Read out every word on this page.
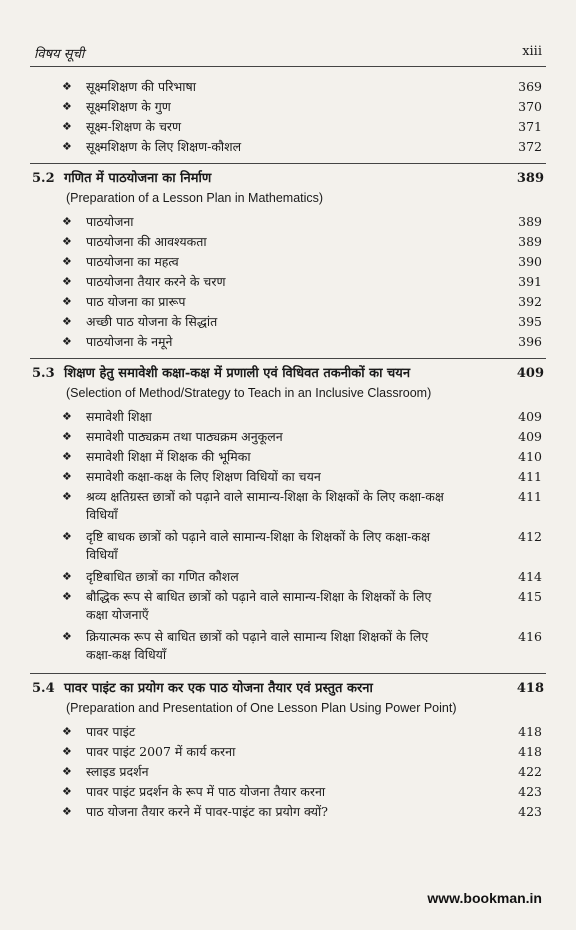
विषय सूची	xiii
❖ सूक्ष्मशिक्षण की परिभाषा	369
❖ सूक्ष्मशिक्षण के गुण	370
❖ सूक्ष्म-शिक्षण के चरण	371
❖ सूक्ष्मशिक्षण के लिए शिक्षण-कौशल	372
5.2 गणित में पाठयोजना का निर्माण	389
(Preparation of a Lesson Plan in Mathematics)
❖ पाठयोजना	389
❖ पाठयोजना की आवश्यकता	389
❖ पाठयोजना का महत्व	390
❖ पाठयोजना तैयार करने के चरण	391
❖ पाठ योजना का प्रारूप	392
❖ अच्छी पाठ योजना के सिद्धांत	395
❖ पाठयोजना के नमूने	396
5.3 शिक्षण हेतु समावेशी कक्षा-कक्ष में प्रणाली एवं विधिवत तकनीकों का चयन	409
(Selection of Method/Strategy to Teach in an Inclusive Classroom)
❖ समावेशी शिक्षा	409
❖ समावेशी पाठ्यक्रम तथा पाठ्यक्रम अनुकूलन	409
❖ समावेशी शिक्षा में शिक्षक की भूमिका	410
❖ समावेशी कक्षा-कक्ष के लिए शिक्षण विधियों का चयन	411
❖ श्रव्य क्षतिग्रस्त छात्रों को पढ़ाने वाले सामान्य-शिक्षा के शिक्षकों के लिए कक्षा-कक्ष	411
विधियाँ
❖ दृष्टि बाधक छात्रों को पढ़ाने वाले सामान्य-शिक्षा के शिक्षकों के लिए कक्षा-कक्ष	412
विधियाँ
❖ दृष्टिबाधित छात्रों का गणित कौशल	414
❖ बौद्धिक रूप से बाधित छात्रों को पढ़ाने वाले सामान्य-शिक्षा के शिक्षकों के लिए	415
कक्षा योजनाएँ
❖ क्रियात्मक रूप से बाधित छात्रों को पढ़ाने वाले सामान्य शिक्षा शिक्षकों के लिए	416
कक्षा-कक्ष विधियाँ
5.4 पावर पाइंट का प्रयोग कर एक पाठ योजना तैयार एवं प्रस्तुत करना	418
(Preparation and Presentation of One Lesson Plan Using Power Point)
❖ पावर पाइंट	418
❖ पावर पाइंट 2007 में कार्य करना	418
❖ स्लाइड प्रदर्शन	422
❖ पावर पाइंट प्रदर्शन के रूप में पाठ योजना तैयार करना	423
❖ पाठ योजना तैयार करने में पावर-पाइंट का प्रयोग क्यों?	423
www.bookman.in
